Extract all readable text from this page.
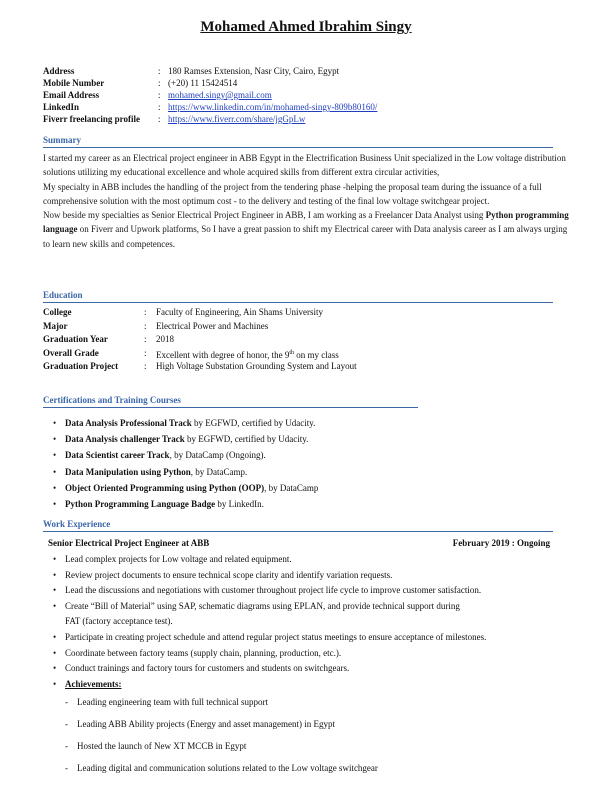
Mohamed Ahmed Ibrahim Singy
Address	: 180 Ramses Extension, Nasr City, Cairo, Egypt
Mobile Number	: (+20) 11 15424514
Email Address	: mohamed.singy@gmail.com
LinkedIn	: https://www.linkedin.com/in/mohamed-singy-809b80160/
Fiverr freelancing profile	: https://www.fiverr.com/share/jgGpLw
Summary
I started my career as an Electrical project engineer in ABB Egypt in the Electrification Business Unit specialized in the Low voltage distribution solutions utilizing my educational excellence and whole acquired skills from different extra circular activities,
My specialty in ABB includes the handling of the project from the tendering phase -helping the proposal team during the issuance of a full comprehensive solution with the most optimum cost - to the delivery and testing of the final low voltage switchgear project.
Now beside my specialties as Senior Electrical Project Engineer in ABB, I am working as a Freelancer Data Analyst using Python programming language on Fiverr and Upwork platforms, So I have a great passion to shift my Electrical career with Data analysis career as I am always urging to learn new skills and competences.
Education
College	:	Faculty of Engineering, Ain Shams University
Major	:	Electrical Power and Machines
Graduation Year	:	2018
Overall Grade	:	Excellent with degree of honor, the 9th on my class
Graduation Project	:	High Voltage Substation Grounding System and Layout
Certifications and Training Courses
• Data Analysis Professional Track by EGFWD, certified by Udacity.
• Data Analysis challenger Track by EGFWD, certified by Udacity.
• Data Scientist career Track, by DataCamp (Ongoing).
• Data Manipulation using Python, by DataCamp.
• Object Oriented Programming using Python (OOP), by DataCamp
• Python Programming Language Badge by LinkedIn.
Work Experience
Senior Electrical Project Engineer at ABB	February 2019 : Ongoing
• Lead complex projects for Low voltage and related equipment.
• Review project documents to ensure technical scope clarity and identify variation requests.
• Lead the discussions and negotiations with customer throughout project life cycle to improve customer satisfaction.
• Create “Bill of Material” using SAP, schematic diagrams using EPLAN, and provide technical support during
FAT (factory acceptance test).
• Participate in creating project schedule and attend regular project status meetings to ensure acceptance of milestones.
• Coordinate between factory teams (supply chain, planning, production, etc.).
• Conduct trainings and factory tours for customers and students on switchgears.
• Achievements:
- Leading engineering team with full technical support
- Leading ABB Ability projects (Energy and asset management) in Egypt
- Hosted the launch of New XT MCCB in Egypt
- Leading digital and communication solutions related to the Low voltage switchgear
